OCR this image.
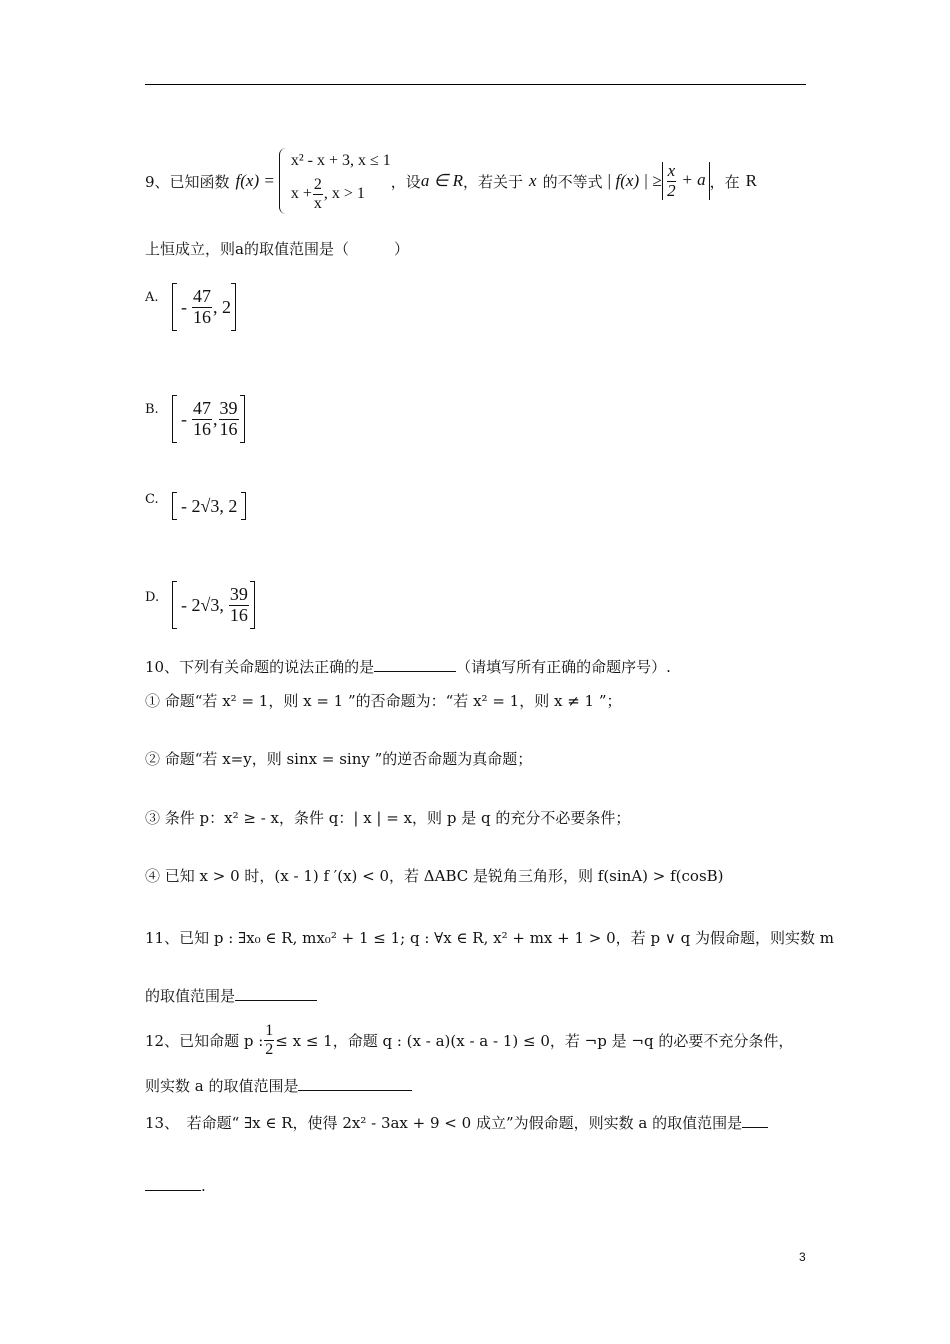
9、已知函数 f(x) =
x² - x + 3, x ≤ 1
$x + \frac{2}{x}$ , x > 1
，设 a ∈ R ，若关于 x 的不等式 | f(x) | ≥ $\frac{x}{2} + a$ ，在 R
上恒成立，则a的取值范围是（　　　）
A. - $\frac{47}{16}$ , 2
B. - $\frac{47}{16}$ , $\frac{39}{16}$
C. - 2√3, 2
D. - 2√3, $\frac{39}{16}$
10、下列有关命题的说法正确的是	（请填写所有正确的命题序号）.
① 命题“若 x² = 1，则 x = 1 ”的否命题为：“若 x² = 1，则 x ≠ 1 ”；
② 命题“若 x=y，则 sinx = siny ”的逆否命题为真命题；
③ 条件 p：x² ≥ - x，条件 q：| x | = x，则 p 是 q 的充分不必要条件；
④ 已知 x > 0 时，(x - 1) f ′(x) < 0，若 ΔABC 是锐角三角形，则 f(sinA) > f(cosB)
11、已知 p : ∃x₀ ∈ R, mx₀² + 1 ≤ 1; q : ∀x ∈ R, x² + mx + 1 > 0，若 p ∨ q 为假命题，则实数 m
的取值范围是
12、已知命题 p : $\frac{1}{2} \le x \le 1$，命题 q : (x - a)(x - a - 1) ≤ 0，若 ¬p 是 ¬q 的必要不充分条件，
则实数 a 的取值范围是
13、　若命题“ ∃x ∈ R，使得 2x² - 3ax + 9 < 0 成立”为假命题，则实数 a 的取值范围是
.
3
